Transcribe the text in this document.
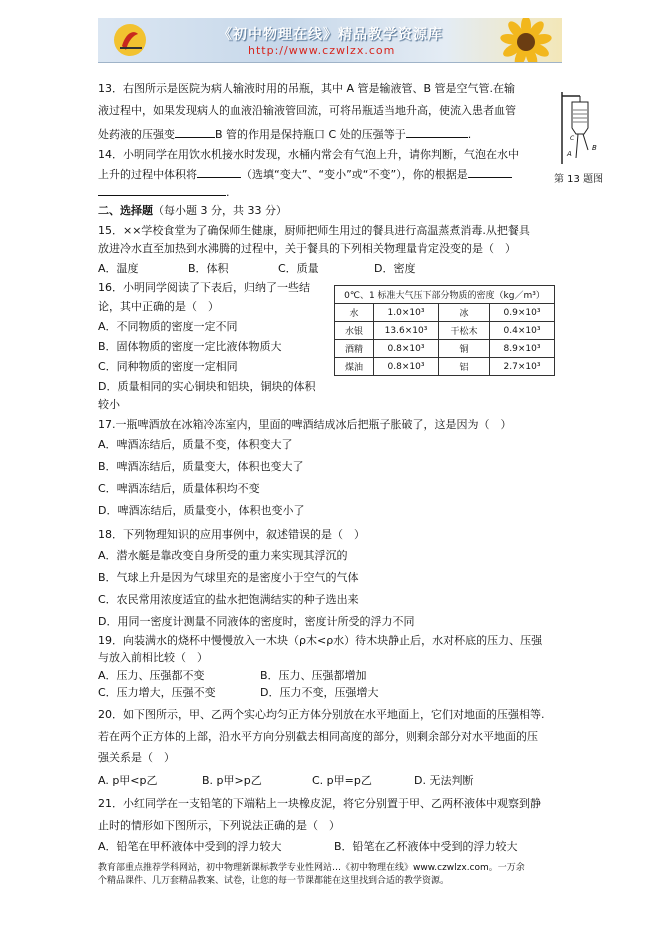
《初中物理在线》精品教学资源库
http://www.czwlzx.com
13．右图所示是医院为病人输液时用的吊瓶，其中 A 管是输液管、B 管是空气管.在输
液过程中，如果发现病人的血液沿输液管回流，可将吊瓶适当地升高，使流入患者血管
处药液的压强变	B 管的作用是保持瓶口 C 处的压强等于	.
A
B
C
第 13 题图
14．小明同学在用饮水机接水时发现，水桶内常会有气泡上升，请你判断，气泡在水中
上升的过程中体积将	（选填“变大”、“变小”或“不变”），你的根据是
.
二、选择题（每小题 3 分，共 33 分）
15．××学校食堂为了确保师生健康，厨师把师生用过的餐具进行高温蒸煮消毒.从把餐具
放进冷水直至加热到水沸腾的过程中，关于餐具的下列相关物理量肯定没变的是（　）
A．温度	B．体积	C．质量	D．密度
16．小明同学阅读了下表后，归纳了一些结
论，其中正确的是（　）
A．不同物质的密度一定不同
B．固体物质的密度一定比液体物质大
C．同种物质的密度一定相同
D．质量相同的实心铜块和铝块，铜块的体积
较小
0℃、1 标准大气压下部分物质的密度（kg／m³）			
水	1.0×10³	冰	0.9×10³
水银	13.6×10³	干松木	0.4×10³
酒精	0.8×10³	铜	8.9×10³
煤油	0.8×10³	铝	2.7×10³
17.一瓶啤酒放在冰箱冷冻室内，里面的啤酒结成冰后把瓶子胀破了，这是因为（　）
A．啤酒冻结后，质量不变，体积变大了
B．啤酒冻结后，质量变大，体积也变大了
C．啤酒冻结后，质量体积均不变
D．啤酒冻结后，质量变小，体积也变小了
18．下列物理知识的应用事例中，叙述错误的是（　）
A．潜水艇是靠改变自身所受的重力来实现其浮沉的
B．气球上升是因为气球里充的是密度小于空气的气体
C．农民常用浓度适宜的盐水把饱满结实的种子选出来
D．用同一密度计测量不同液体的密度时，密度计所受的浮力不同
19．向装满水的烧杯中慢慢放入一木块（ρ木<ρ水）待木块静止后，水对杯底的压力、压强
与放入前相比较（　）
A．压力、压强都不变	B．压力、压强都增加
C．压力增大，压强不变	D．压力不变，压强增大
20．如下图所示，甲、乙两个实心均匀正方体分别放在水平地面上，它们对地面的压强相等.
若在两个正方体的上部，沿水平方向分别截去相同高度的部分，则剩余部分对水平地面的压
强关系是（　）
A. p甲<p乙	B. p甲>p乙	C. p甲=p乙	D. 无法判断
21．小红同学在一支铅笔的下端粘上一块橡皮泥，将它分别置于甲、乙两杯液体中观察到静
止时的情形如下图所示，下列说法正确的是（　）
A．铅笔在甲杯液体中受到的浮力较大	B．铅笔在乙杯液体中受到的浮力较大
教育部重点推荐学科网站，初中物理新课标教学专业性网站…《初中物理在线》www.czwlzx.com。一万余
个精品课件、几万套精品教案、试卷，让您的每一节课都能在这里找到合适的教学资源。
